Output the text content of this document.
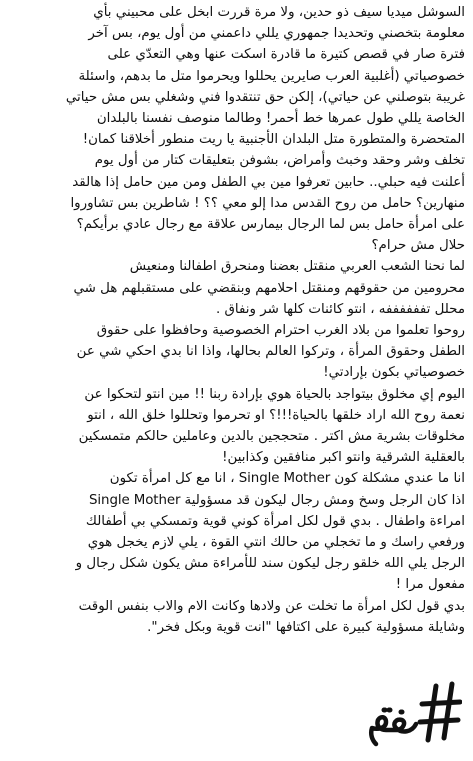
السوشل ميديا سيف ذو حدين، ولا مرة قررت ابخل على محبيني بأي
معلومة بتخصني وتحديدا جمهوري يللي داعمني من أول يوم، بس آخر
فترة صار في قصص كتيرة ما قادرة اسكت عنها وهي التعدّي على
خصوصياتي (أغلبية العرب صايرين يحللوا ويحرموا متل ما بدهم، واسئلة
غريبة بتوصلني عن حياتي)، إلكن حق تنتقدوا فني وشغلي بس مش حياتي
الخاصة يللي طول عمرها خط أحمر! وطالما منوصف نفسنا بالبلدان
المتحضرة والمتطورة متل البلدان الأجنبية يا ريت منطور أخلاقنا كمان!
تخلف وشر وحقد وخبث وأمراض، بشوفن بتعليقات كتار من أول يوم
أعلنت فيه حبلي.. حابين تعرفوا مين بي الطفل ومن مين حامل إذا هالقد
منهارين؟ حامل من روح القدس مدا إلو معي ؟؟ ! شاطرين بس تشاوروا
على امرأة حامل بس لما الرجال بيمارس علاقة مع رجال عادي برأيكم؟
حلال مش حرام؟
لما نحنا الشعب العربي منقتل بعضنا ومنحرق اطفالنا ومنعيش
محرومين من حقوقهم ومنقتل احلامهم وبنقضي على مستقبلهم هل شي
محلل تففففففه ، انتو كائنات كلها شر ونفاق .
روحوا تعلموا من بلاد الغرب احترام الخصوصية وحافظوا على حقوق
الطفل وحقوق المرأة ، وتركوا العالم بحالها، واذا انا بدي احكي شي عن
خصوصياتي بكون بإرادتي!
اليوم إي مخلوق بيتواجد بالحياة هوي بإرادة ربنا !! مين انتو لتحكوا عن
نعمة روح الله اراد خلقها بالحياة!!!؟ او تحرموا وتحللوا خلق الله ، انتو
مخلوقات بشرية مش اكتر . متحججين بالدين وعاملين حالكم متمسكين
بالعقلية الشرقية وانتو اكبر منافقين وكذابين!
انا ما عندي مشكلة كون Single Mother ، انا مع كل امرأة تكون
Single Mother اذا كان الرجل وسخ ومش رجال ليكون قد مسؤولية
امراءة واطفال . بدي قول لكل امرأة كوني قوية وتمسكي بي أطفالك
ورفعي راسك و ما تخجلي من حالك انتي القوة ، يلي لازم يخجل هوي
الرجل يلي الله خلقو رجل ليكون سند للأمراءة مش يكون شكل رجال و
مفعول مرا !
بدي قول لكل امرأة ما تخلت عن ولادها وكانت الام والاب بنفس الوقت
وشايلة مسؤولية كبيرة على اكتافها "انت قوية وبكل فخر".
